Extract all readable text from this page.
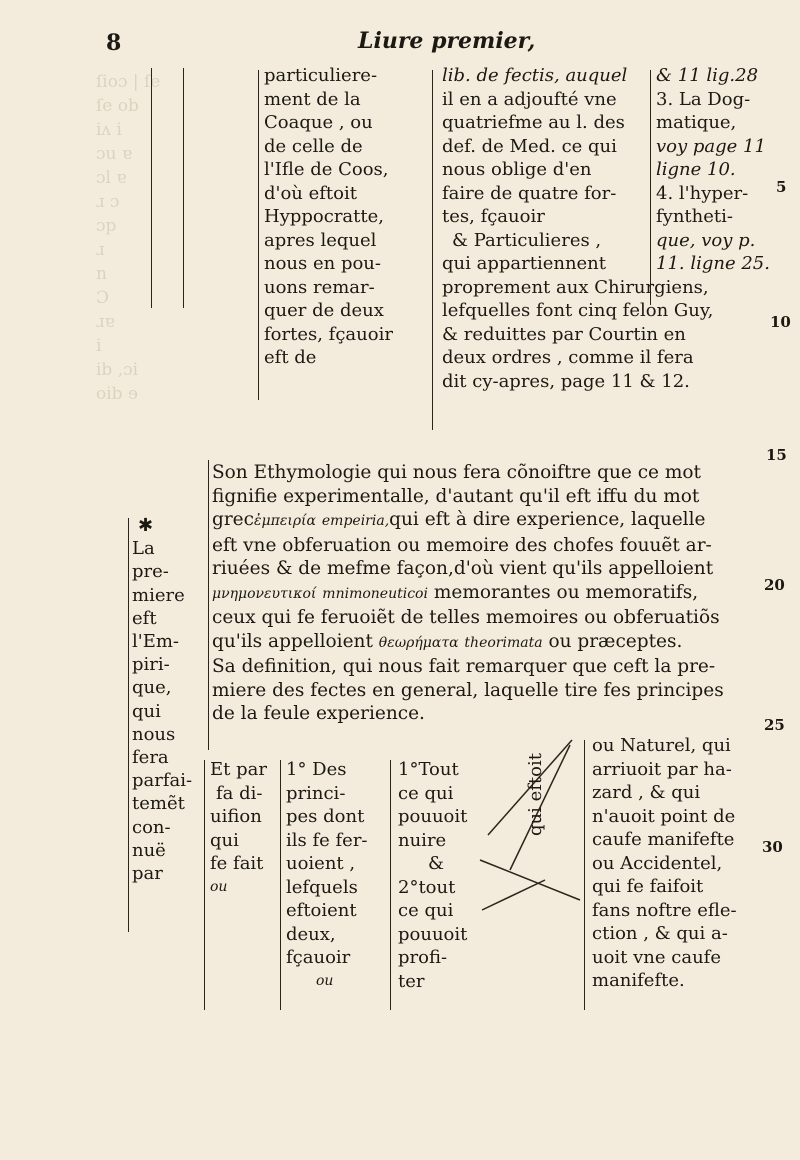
ſioɔ | ſe
ſe ob
iʌ i
ɔu ɐ
ɔl ɐ
ɹ ɔ
ɔp
ɹ
n
Ɔ
ɹɐ
i
ib ,ɔi
oib ɘ
8	Liure premier,
particuliere-
ment de la
Coaque , ou
de celle de
l'Ifle de Coos,
d'où eftoit
Hyppocratte,
apres lequel
nous en pou-
uons remar-
quer de deux
fortes, fçauoir
eft de
lib. de fectis, auquel
il en a adjoufté vne
quatriefme au l. des
def. de Med. ce qui
nous oblige d'en
faire de quatre for-
tes, fçauoir
& Particulieres ,
qui appartiennent
proprement aux Chirurgiens,
lefquelles font cinq felon Guy,
& reduittes par Courtin en
deux ordres , comme il fera
dit cy-apres, page 11 & 12.
& 11 lig.28
3. La Dog-
matique,
voy page 11
ligne 10.
4. l'hyper-
fyntheti-
que, voy p.
11. ligne 25.
5
10
15
Son Ethymologie qui nous fera cõnoiftre que ce mot
fignifie experimentalle, d'autant qu'il eft iffu du mot
grecἐμπειρία empeiria,qui eft à dire experience, laquelle
eft vne obferuation ou memoire des chofes fouuẽt ar-
riuées & de mefme façon,d'où vient qu'ils appelloient
μνημονευτικοί mnimoneuticoi memorantes ou memoratifs,
ceux qui fe feruoiẽt de telles memoires ou obferuatiõs
qu'ils appelloient θεωρήματα theorimata ou præceptes.
Sa definition, qui nous fait remarquer que ceft la pre-
miere des fectes en general, laquelle tire fes principes
de la feule experience.
20
25
30
✱
La
pre-
miere
eft
l'Em-
piri-
que,
qui
nous
fera
parfai-
temẽt
con-
nuë
par
Et par
fa di-
uifion
qui
fe fait
ou
1° Des
princi-
pes dont
ils fe fer-
uoient ,
lefquels
eftoient
deux,
fçauoir
ou
1°Tout
ce qui
pouuoit
nuire
&
2°tout
ce qui
pouuoit
profi-
ter
qui eftoit
ou Naturel, qui
arriuoit par ha-
zard , & qui
n'auoit point de
caufe manifefte
ou Accidentel,
qui fe faifoit
fans noftre efle-
ction , & qui a-
uoit vne caufe
manifefte.
